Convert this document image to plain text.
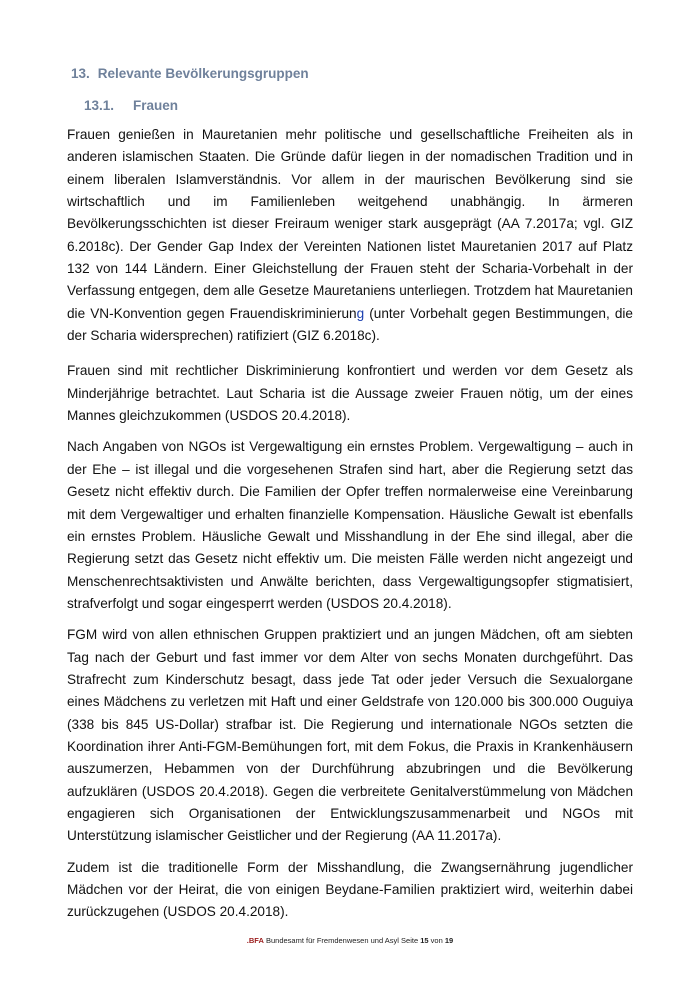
13. Relevante Bevölkerungsgruppen
13.1. Frauen

Frauen genießen in Mauretanien mehr politische und gesellschaftliche Freiheiten als in anderen islamischen Staaten. Die Gründe dafür liegen in der nomadischen Tradition und in einem liberalen Islamverständnis. Vor allem in der maurischen Bevölkerung sind sie wirtschaftlich und im Familienleben weitgehend unabhängig. In ärmeren Bevölkerungsschichten ist dieser Freiraum weniger stark ausgeprägt (AA 7.2017a; vgl. GIZ 6.2018c). Der Gender Gap Index der Vereinten Nationen listet Mauretanien 2017 auf Platz 132 von 144 Ländern. Einer Gleichstellung der Frauen steht der Scharia-Vorbehalt in der Verfassung entgegen, dem alle Gesetze Mauretaniens unterliegen. Trotzdem hat Mauretanien die VN-Konvention gegen Frauendiskriminierung (unter Vorbehalt gegen Bestimmungen, die der Scharia widersprechen) ratifiziert (GIZ 6.2018c).

Frauen sind mit rechtlicher Diskriminierung konfrontiert und werden vor dem Gesetz als Minderjährige betrachtet. Laut Scharia ist die Aussage zweier Frauen nötig, um der eines Mannes gleichzukommen (USDOS 20.4.2018).

Nach Angaben von NGOs ist Vergewaltigung ein ernstes Problem. Vergewaltigung – auch in der Ehe – ist illegal und die vorgesehenen Strafen sind hart, aber die Regierung setzt das Gesetz nicht effektiv durch. Die Familien der Opfer treffen normalerweise eine Vereinbarung mit dem Vergewaltiger und erhalten finanzielle Kompensation. Häusliche Gewalt ist ebenfalls ein ernstes Problem. Häusliche Gewalt und Misshandlung in der Ehe sind illegal, aber die Regierung setzt das Gesetz nicht effektiv um. Die meisten Fälle werden nicht angezeigt und Menschenrechtsaktivisten und Anwälte berichten, dass Vergewaltigungsopfer stigmatisiert, strafverfolgt und sogar eingesperrt werden (USDOS 20.4.2018).

FGM wird von allen ethnischen Gruppen praktiziert und an jungen Mädchen, oft am siebten Tag nach der Geburt und fast immer vor dem Alter von sechs Monaten durchgeführt. Das Strafrecht zum Kinderschutz besagt, dass jede Tat oder jeder Versuch die Sexualorgane eines Mädchens zu verletzen mit Haft und einer Geldstrafe von 120.000 bis 300.000 Ouguiya (338 bis 845 US-Dollar) strafbar ist. Die Regierung und internationale NGOs setzten die Koordination ihrer Anti-FGM-Bemühungen fort, mit dem Fokus, die Praxis in Krankenhäusern auszumerzen, Hebammen von der Durchführung abzubringen und die Bevölkerung aufzuklären (USDOS 20.4.2018). Gegen die verbreitete Genitalverstümmelung von Mädchen engagieren sich Organisationen der Entwicklungszusammenarbeit und NGOs mit Unterstützung islamischer Geistlicher und der Regierung (AA 11.2017a).

Zudem ist die traditionelle Form der Misshandlung, die Zwangsernährung jugendlicher Mädchen vor der Heirat, die von einigen Beydane-Familien praktiziert wird, weiterhin dabei zurückzugehen (USDOS 20.4.2018).

.BFA Bundesamt für Fremdenwesen und Asyl Seite 15 von 19
